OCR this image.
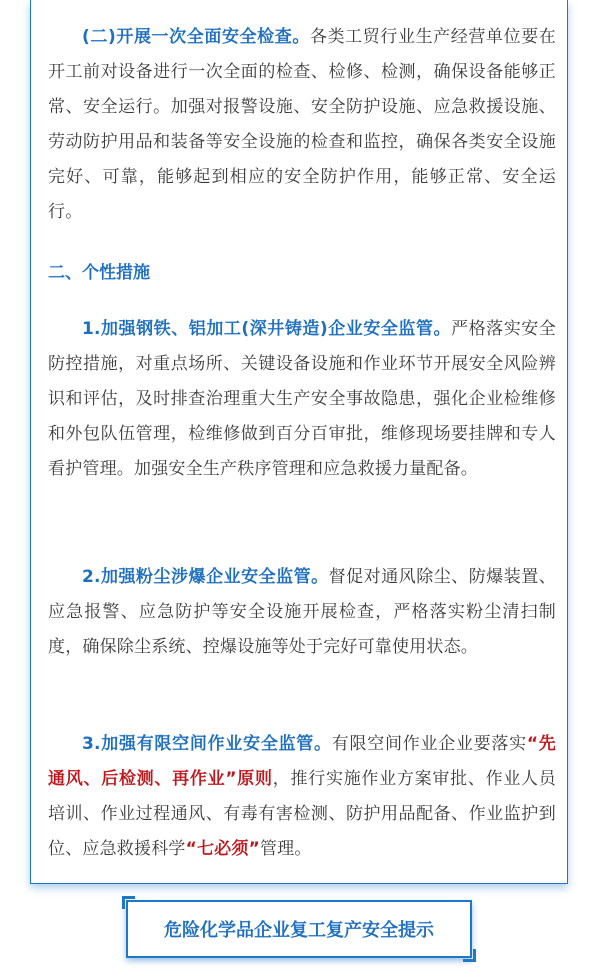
(二)开展一次全面安全检查。各类工贸行业生产经营单位要在开工前对设备进行一次全面的检查、检修、检测，确保设备能够正常、安全运行。加强对报警设施、安全防护设施、应急救援设施、劳动防护用品和装备等安全设施的检查和监控，确保各类安全设施完好、可靠，能够起到相应的安全防护作用，能够正常、安全运行。

二、个性措施

1.加强钢铁、铝加工(深井铸造)企业安全监管。严格落实安全防控措施，对重点场所、关键设备设施和作业环节开展安全风险辨识和评估，及时排查治理重大生产安全事故隐患，强化企业检维修和外包队伍管理，检维修做到百分百审批，维修现场要挂牌和专人看护管理。加强安全生产秩序管理和应急救援力量配备。

2.加强粉尘涉爆企业安全监管。督促对通风除尘、防爆装置、应急报警、应急防护等安全设施开展检查，严格落实粉尘清扫制度，确保除尘系统、控爆设施等处于完好可靠使用状态。

3.加强有限空间作业安全监管。有限空间作业企业要落实“先通风、后检测、再作业”原则，推行实施作业方案审批、作业人员培训、作业过程通风、有毒有害检测、防护用品配备、作业监护到位、应急救援科学“七必须”管理。

危险化学品企业复工复产安全提示
